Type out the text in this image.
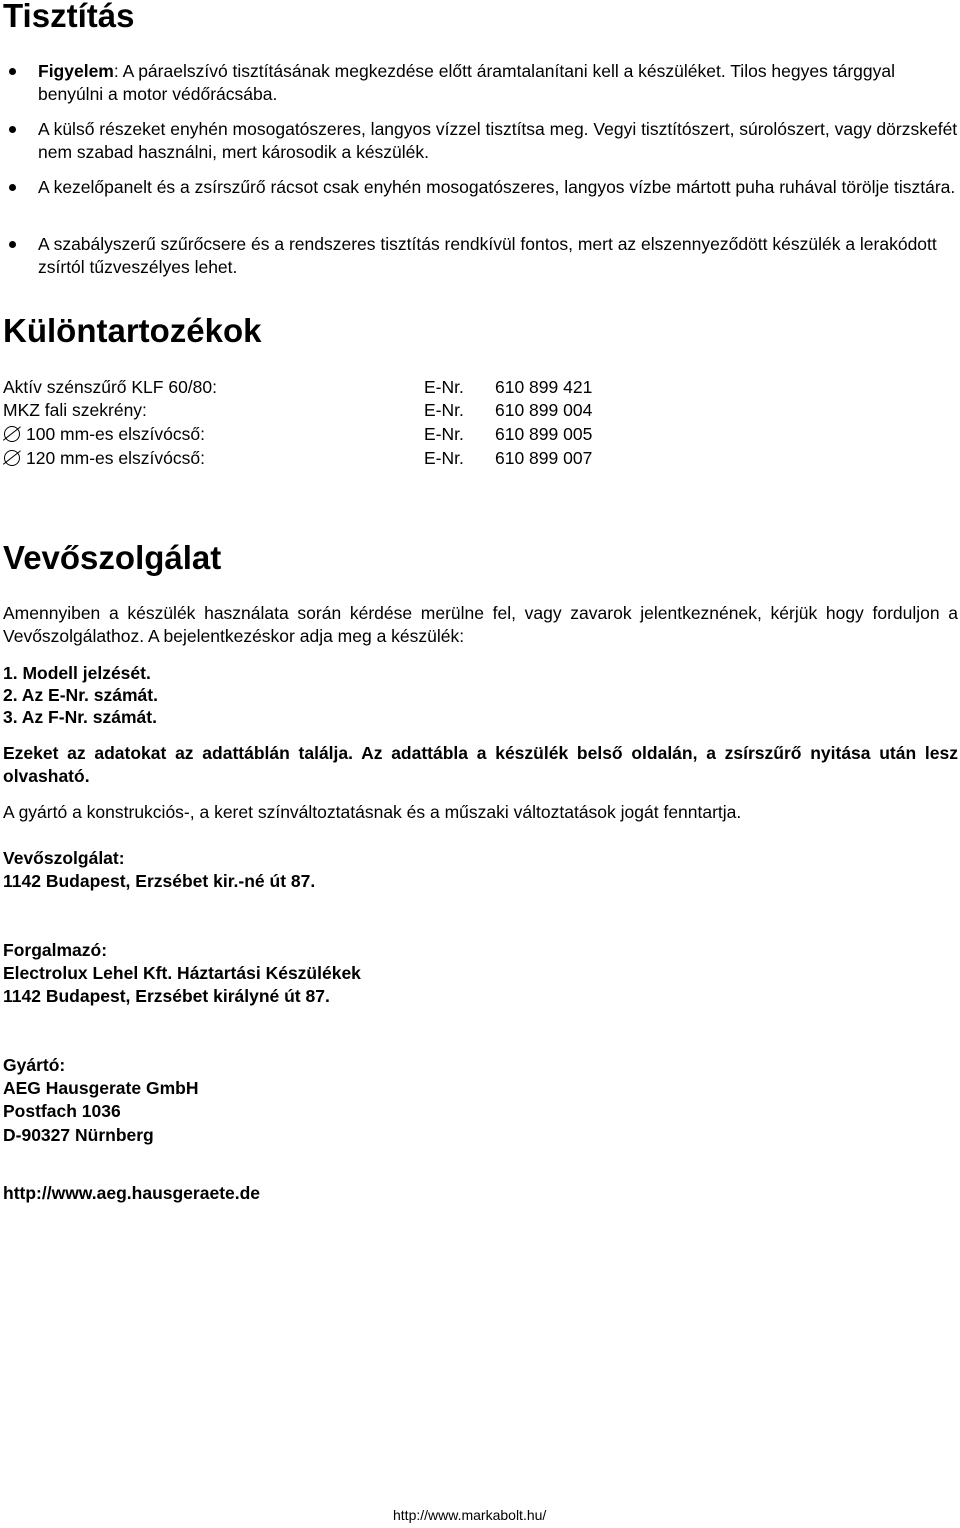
Tisztítás
Figyelem: A páraelszívó tisztításának megkezdése előtt áramtalanítani kell a készüléket. Tilos hegyes tárggyal benyúlni a motor védőrácsába.
A külső részeket enyhén mosogatószeres, langyos vízzel tisztítsa meg. Vegyi tisztítószert, súrolószert, vagy dörzskefét nem szabad használni, mert károsodik a készülék.
A kezelőpanelt és a zsírszűrő rácsot csak enyhén mosogatószeres, langyos vízbe mártott puha ruhával törölje tisztára.
A szabályszerű szűrőcsere és a rendszeres tisztítás rendkívül fontos, mert az elszennyeződött készülék a lerakódott zsírtól tűzveszélyes lehet.
Különtartozékok
Aktív szénszűrő KLF 60/80:	E-Nr. 610 899 421
MKZ fali szekrény:	E-Nr. 610 899 004
100 mm-es elszívócső:	E-Nr. 610 899 005
120 mm-es elszívócső:	E-Nr. 610 899 007
Vevőszolgálat
Amennyiben a készülék használata során kérdése merülne fel, vagy zavarok jelentkeznének, kérjük hogy forduljon a Vevőszolgálathoz. A bejelentkezéskor adja meg a készülék:
1. Modell jelzését.
2. Az E-Nr. számát.
3. Az F-Nr. számát.
Ezeket az adatokat az adattáblán találja. Az adattábla a készülék belső oldalán, a zsírszűrő nyitása után lesz olvasható.
A gyártó a konstrukciós-, a keret színváltoztatásnak és a műszaki változtatások jogát fenntartja.
Vevőszolgálat:
1142 Budapest, Erzsébet kir.-né út 87.
Forgalmazó:
Electrolux Lehel Kft. Háztartási Készülékek
1142 Budapest, Erzsébet királyné út 87.
Gyártó:
AEG Hausgerate GmbH
Postfach 1036
D-90327 Nürnberg
http://www.aeg.hausgeraete.de
http://www.markabolt.hu/
